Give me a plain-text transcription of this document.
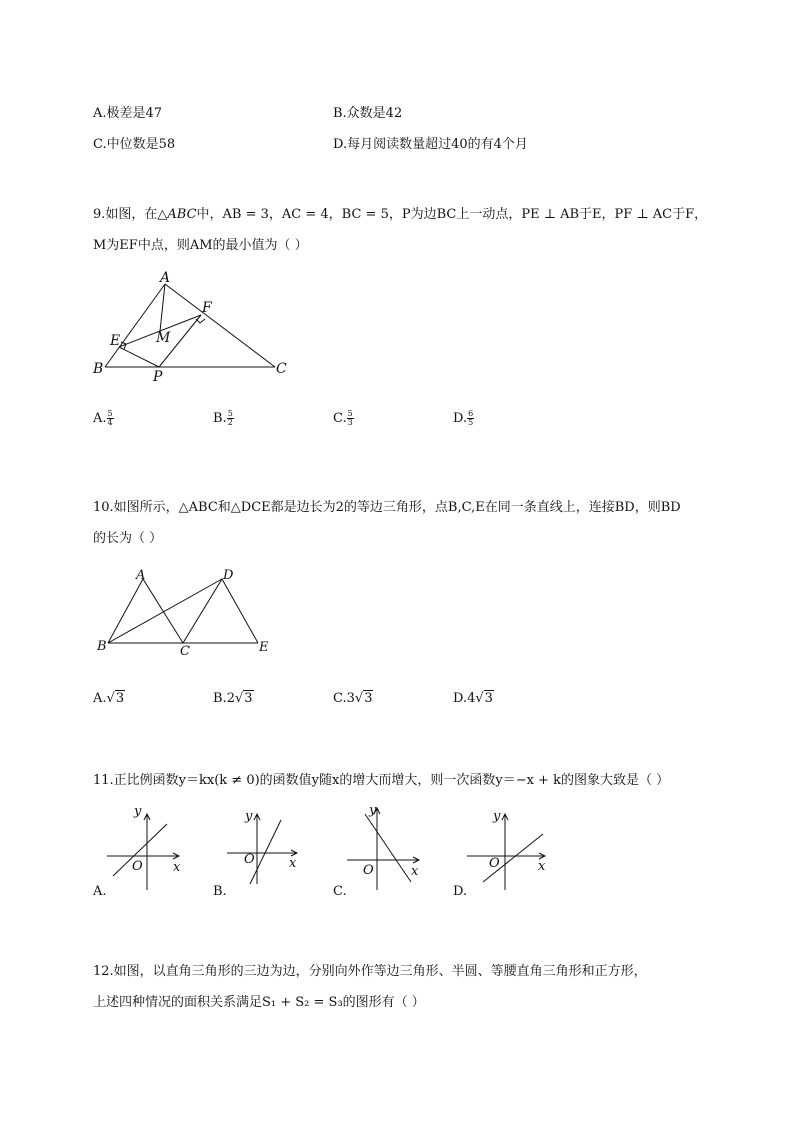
A.极差是47	B.众数是42
C.中位数是58	D.每月阅读数量超过40的有4个月
9.如图，在△ABC中，AB = 3，AC = 4，BC = 5，P为边BC上一动点，PE ⊥ AB于E，PF ⊥ AC于F，
M为EF中点，则AM的最小值为（ ）
A
B	C
E
F
M
P
A. $\frac{5}{4}$	B. $\frac{5}{2}$	C. $\frac{5}{3}$	D. $\frac{6}{5}$
10.如图所示，△ABC和△DCE都是边长为2的等边三角形，点B,C,E在同一条直线上，连接BD，则BD
的长为（ ）
A
B	C
D
E
A.√3	B.2√3	C.3√3	D.4√3
11.正比例函数y＝kx(k ≠ 0)的函数值y随x的增大而增大，则一次函数y＝−x + k的图象大致是（ ）
y
x
O
A.
y
x
O
B.
y
x
O
C.
y
x
O
D.
12.如图，以直角三角形的三边为边，分别向外作等边三角形、半圆、等腰直角三角形和正方形，
上述四种情况的面积关系满足S₁ + S₂ = S₃的图形有（ ）
